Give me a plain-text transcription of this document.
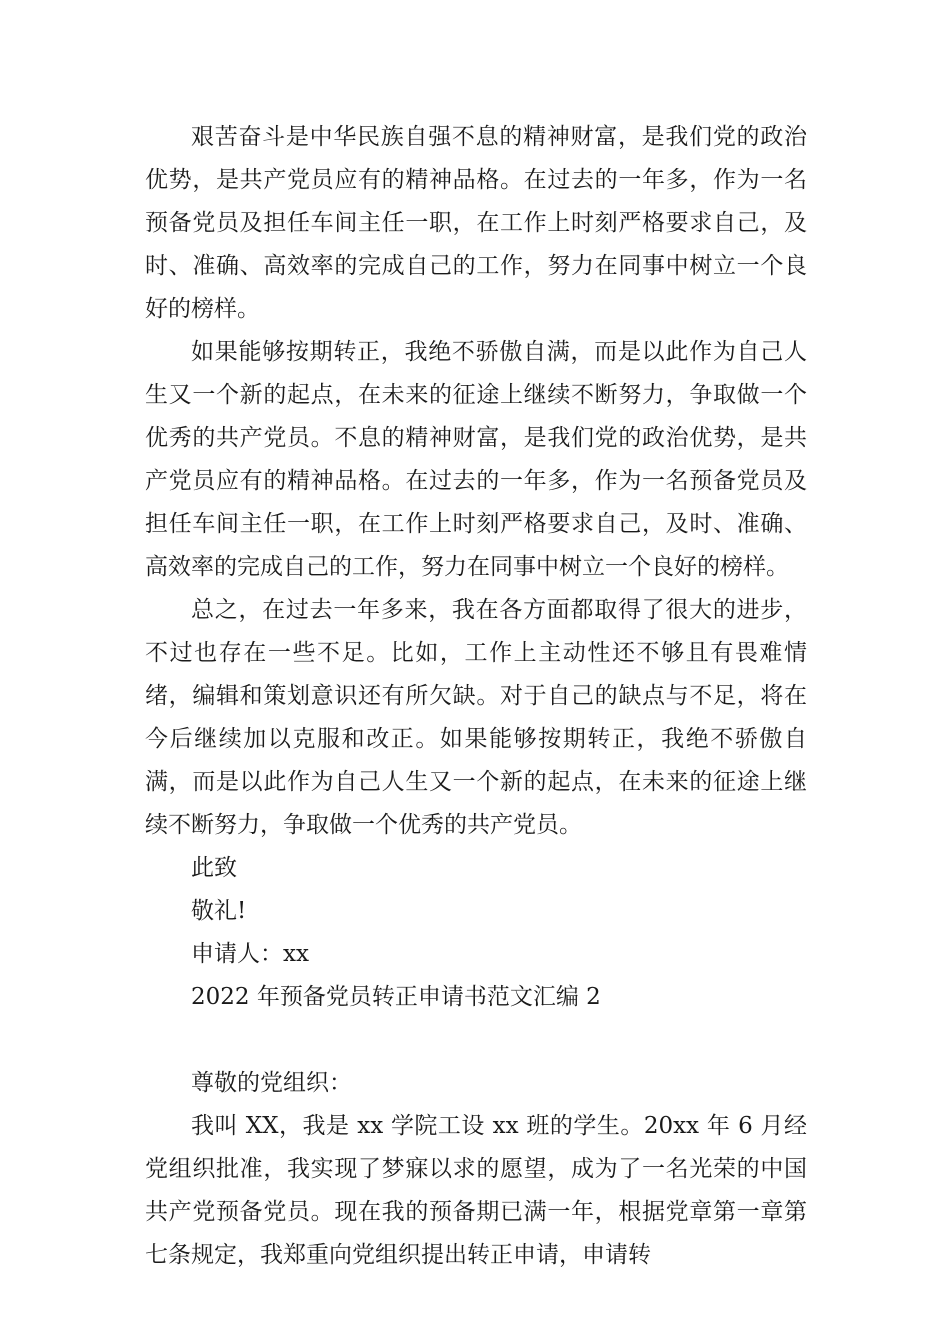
艰苦奋斗是中华民族自强不息的精神财富，是我们党的政治优势，是共产党员应有的精神品格。在过去的一年多，作为一名预备党员及担任车间主任一职，在工作上时刻严格要求自己，及时、准确、高效率的完成自己的工作，努力在同事中树立一个良好的榜样。

如果能够按期转正，我绝不骄傲自满，而是以此作为自己人生又一个新的起点，在未来的征途上继续不断努力，争取做一个优秀的共产党员。不息的精神财富，是我们党的政治优势，是共产党员应有的精神品格。在过去的一年多，作为一名预备党员及担任车间主任一职，在工作上时刻严格要求自己，及时、准确、高效率的完成自己的工作，努力在同事中树立一个良好的榜样。

总之，在过去一年多来，我在各方面都取得了很大的进步，不过也存在一些不足。比如，工作上主动性还不够且有畏难情绪，编辑和策划意识还有所欠缺。对于自己的缺点与不足，将在今后继续加以克服和改正。如果能够按期转正，我绝不骄傲自满，而是以此作为自己人生又一个新的起点，在未来的征途上继续不断努力，争取做一个优秀的共产党员。

此致

敬礼!

申请人：xx

2022 年预备党员转正申请书范文汇编 2

尊敬的党组织：

我叫 XX，我是 xx 学院工设 xx 班的学生。20xx 年 6 月经党组织批准，我实现了梦寐以求的愿望，成为了一名光荣的中国共产党预备党员。现在我的预备期已满一年，根据党章第一章第七条规定，我郑重向党组织提出转正申请，申请转
